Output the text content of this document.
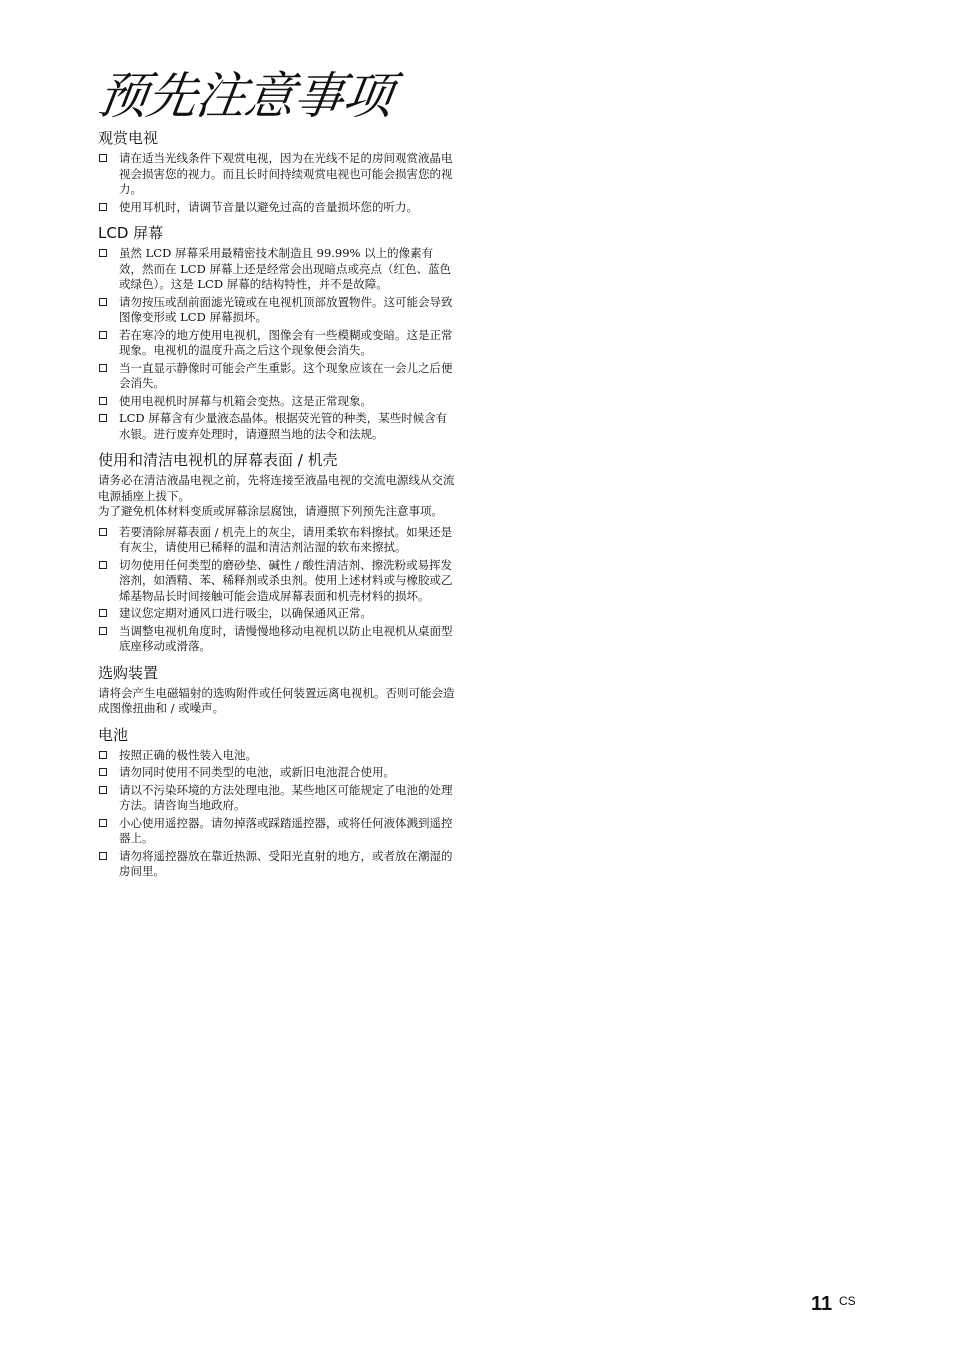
预先注意事项
观赏电视
请在适当光线条件下观赏电视，因为在光线不足的房间观赏液晶电视会损害您的视力。而且长时间持续观赏电视也可能会损害您的视力。
使用耳机时，请调节音量以避免过高的音量损坏您的听力。
LCD 屏幕
虽然 LCD 屏幕采用最精密技术制造且 99.99% 以上的像素有效，然而在 LCD 屏幕上还是经常会出现暗点或亮点（红色、蓝色或绿色）。这是 LCD 屏幕的结构特性，并不是故障。
请勿按压或刮前面滤光镜或在电视机顶部放置物件。这可能会导致图像变形或 LCD 屏幕损坏。
若在寒冷的地方使用电视机，图像会有一些模糊或变暗。这是正常现象。电视机的温度升高之后这个现象便会消失。
当一直显示静像时可能会产生重影。这个现象应该在一会儿之后便会消失。
使用电视机时屏幕与机箱会变热。这是正常现象。
LCD 屏幕含有少量液态晶体。根据荧光管的种类，某些时候含有水银。进行废弃处理时，请遵照当地的法令和法规。
使用和清洁电视机的屏幕表面 / 机壳

请务必在清洁液晶电视之前，先将连接至液晶电视的交流电源线从交流电源插座上拔下。

为了避免机体材料变质或屏幕涂层腐蚀，请遵照下列预先注意事项。

若要清除屏幕表面 / 机壳上的灰尘，请用柔软布料擦拭。如果还是有灰尘，请使用已稀释的温和清洁剂沾湿的软布来擦拭。
切勿使用任何类型的磨砂垫、碱性 / 酸性清洁剂、擦洗粉或易挥发溶剂，如酒精、苯、稀释剂或杀虫剂。使用上述材料或与橡胶或乙烯基物品长时间接触可能会造成屏幕表面和机壳材料的损坏。
建议您定期对通风口进行吸尘，以确保通风正常。
当调整电视机角度时，请慢慢地移动电视机以防止电视机从桌面型底座移动或滑落。
选购装置

请将会产生电磁辐射的选购附件或任何装置远离电视机。否则可能会造成图像扭曲和 / 或噪声。

电池
按照正确的极性装入电池。
请勿同时使用不同类型的电池，或新旧电池混合使用。
请以不污染环境的方法处理电池。某些地区可能规定了电池的处理方法。请咨询当地政府。
小心使用遥控器。请勿掉落或踩踏遥控器，或将任何液体溅到遥控器上。
请勿将遥控器放在靠近热源、受阳光直射的地方，或者放在潮湿的房间里。
11 CS
